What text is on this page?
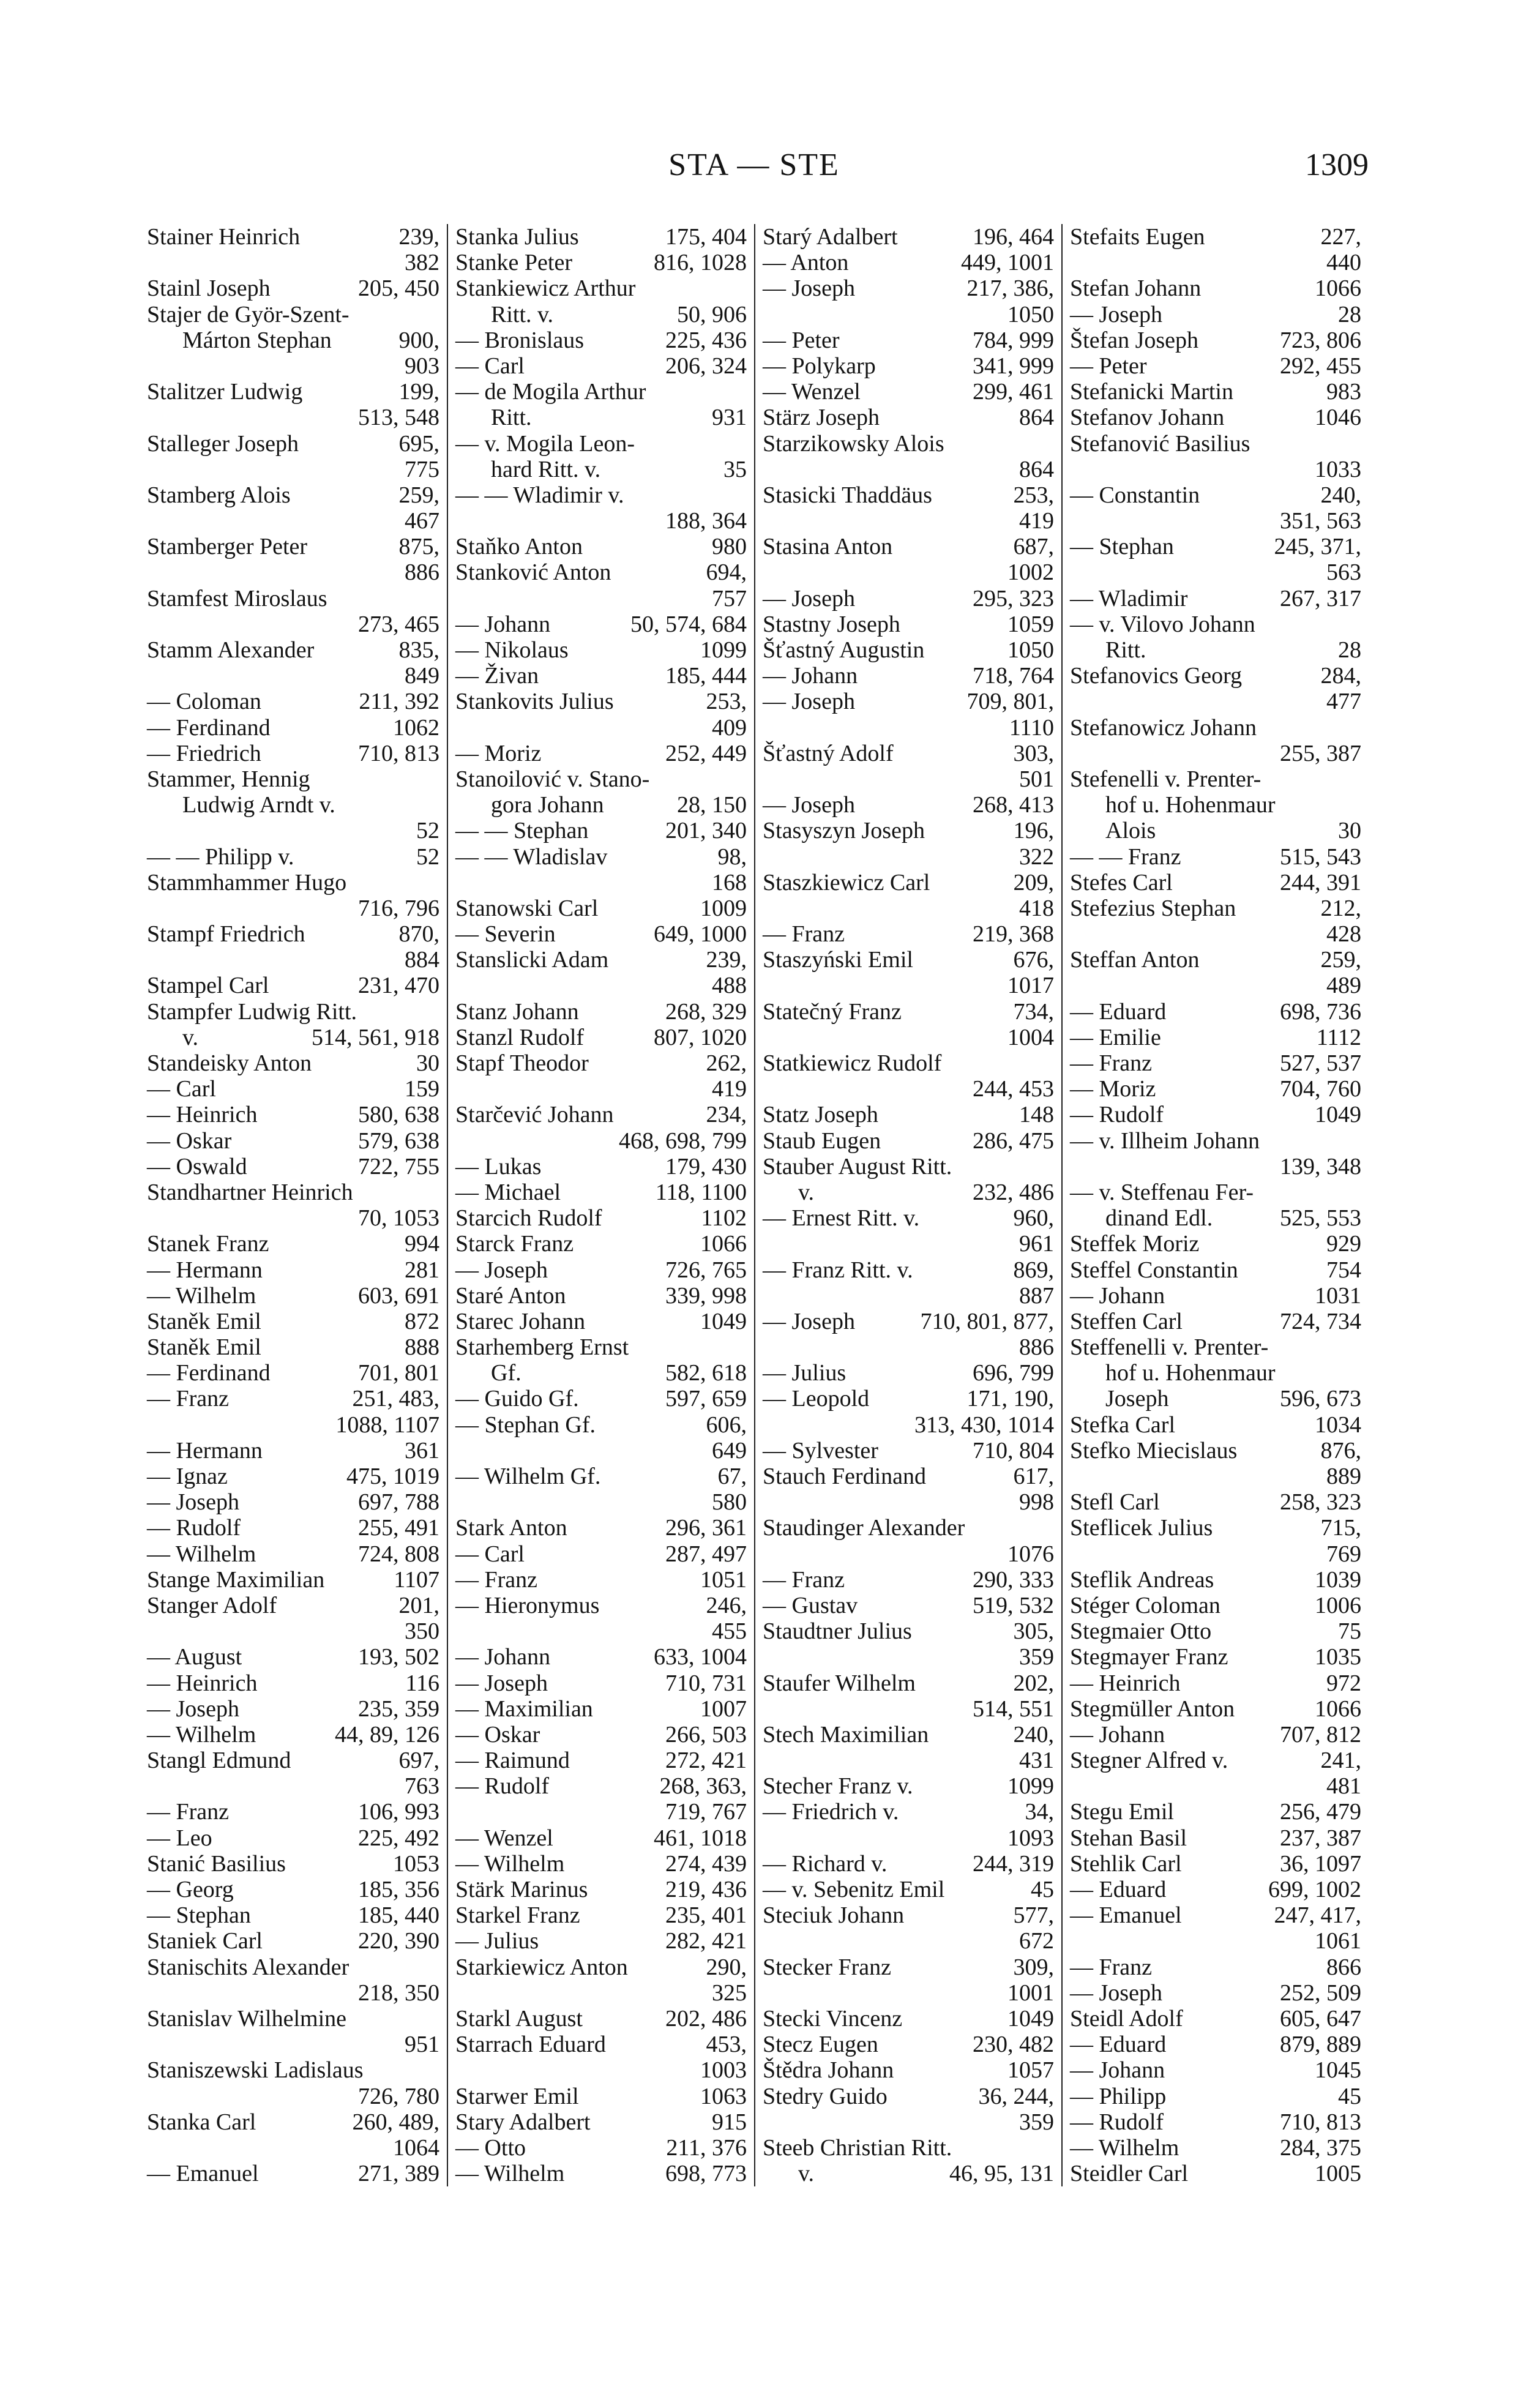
STA — STE	1309
Stainer Heinrich	239,
382
Stainl Joseph	205, 450
Stajer de Györ-Szent-
Márton Stephan	900,
903
Stalitzer Ludwig	199,
513, 548
Stalleger Joseph	695,
775
Stamberg Alois	259,
467
Stamberger Peter	875,
886
Stamfest Miroslaus
273, 465
Stamm Alexander	835,
849
— Coloman	211, 392
— Ferdinand	1062
— Friedrich	710, 813
Stammer, Hennig
Ludwig Arndt v.
52
— — Philipp v.	52
Stammhammer Hugo
716, 796
Stampf Friedrich	870,
884
Stampel Carl	231, 470
Stampfer Ludwig Ritt.
v.	514, 561, 918
Standeisky Anton	30
— Carl	159
— Heinrich	580, 638
— Oskar	579, 638
— Oswald	722, 755
Standhartner Heinrich
70, 1053
Stanek Franz	994
— Hermann	281
— Wilhelm	603, 691
Staněk Emil	872
Staněk Emil	888
— Ferdinand	701, 801
— Franz	251, 483,
1088, 1107
— Hermann	361
— Ignaz	475, 1019
— Joseph	697, 788
— Rudolf	255, 491
— Wilhelm	724, 808
Stange Maximilian	1107
Stanger Adolf	201,
350
— August	193, 502
— Heinrich	116
— Joseph	235, 359
— Wilhelm	44, 89, 126
Stangl Edmund	697,
763
— Franz	106, 993
— Leo	225, 492
Stanić Basilius	1053
— Georg	185, 356
— Stephan	185, 440
Staniek Carl	220, 390
Stanischits Alexander
218, 350
Stanislav Wilhelmine
951
Staniszewski Ladislaus
726, 780
Stanka Carl	260, 489,
1064
— Emanuel	271, 389
Stanka Julius	175, 404
Stanke Peter	816, 1028
Stankiewicz Arthur
Ritt. v.	50, 906
— Bronislaus	225, 436
— Carl	206, 324
— de Mogila Arthur
Ritt.	931
— v. Mogila Leon-
hard Ritt. v.	35
— — Wladimir v.
188, 364
Staňko Anton	980
Stanković Anton	694,
757
— Johann	50, 574, 684
— Nikolaus	1099
— Živan	185, 444
Stankovits Julius	253,
409
— Moriz	252, 449
Stanoilović v. Stano-
gora Johann	28, 150
— — Stephan	201, 340
— — Wladislav	98,
168
Stanowski Carl	1009
— Severin	649, 1000
Stanslicki Adam	239,
488
Stanz Johann	268, 329
Stanzl Rudolf	807, 1020
Stapf Theodor	262,
419
Starčević Johann	234,
468, 698, 799
— Lukas	179, 430
— Michael	118, 1100
Starcich Rudolf	1102
Starck Franz	1066
— Joseph	726, 765
Staré Anton	339, 998
Starec Johann	1049
Starhemberg Ernst
Gf.	582, 618
— Guido Gf.	597, 659
— Stephan Gf.	606,
649
— Wilhelm Gf.	67,
580
Stark Anton	296, 361
— Carl	287, 497
— Franz	1051
— Hieronymus	246,
455
— Johann	633, 1004
— Joseph	710, 731
— Maximilian	1007
— Oskar	266, 503
— Raimund	272, 421
— Rudolf	268, 363,
719, 767
— Wenzel	461, 1018
— Wilhelm	274, 439
Stärk Marinus	219, 436
Starkel Franz	235, 401
— Julius	282, 421
Starkiewicz Anton	290,
325
Starkl August	202, 486
Starrach Eduard	453,
1003
Starwer Emil	1063
Stary Adalbert	915
— Otto	211, 376
— Wilhelm	698, 773
Starý Adalbert	196, 464
— Anton	449, 1001
— Joseph	217, 386,
1050
— Peter	784, 999
— Polykarp	341, 999
— Wenzel	299, 461
Stärz Joseph	864
Starzikowsky Alois
864
Stasicki Thaddäus	253,
419
Stasina Anton	687,
1002
— Joseph	295, 323
Stastny Joseph	1059
Šťastný Augustin	1050
— Johann	718, 764
— Joseph	709, 801,
1110
Šťastný Adolf	303,
501
— Joseph	268, 413
Stasyszyn Joseph	196,
322
Staszkiewicz Carl	209,
418
— Franz	219, 368
Staszyński Emil	676,
1017
Statečný Franz	734,
1004
Statkiewicz Rudolf
244, 453
Statz Joseph	148
Staub Eugen	286, 475
Stauber August Ritt.
v.	232, 486
— Ernest Ritt. v.	960,
961
— Franz Ritt. v.	869,
887
— Joseph	710, 801, 877,
886
— Julius	696, 799
— Leopold	171, 190,
313, 430, 1014
— Sylvester	710, 804
Stauch Ferdinand	617,
998
Staudinger Alexander
1076
— Franz	290, 333
— Gustav	519, 532
Staudtner Julius	305,
359
Staufer Wilhelm	202,
514, 551
Stech Maximilian	240,
431
Stecher Franz v.	1099
— Friedrich v.	34,
1093
— Richard v.	244, 319
— v. Sebenitz Emil	45
Steciuk Johann	577,
672
Stecker Franz	309,
1001
Stecki Vincenz	1049
Stecz Eugen	230, 482
Štědra Johann	1057
Stedry Guido	36, 244,
359
Steeb Christian Ritt.
v.	46, 95, 131
Stefaits Eugen	227,
440
Stefan Johann	1066
— Joseph	28
Štefan Joseph	723, 806
— Peter	292, 455
Stefanicki Martin	983
Stefanov Johann	1046
Stefanović Basilius
1033
— Constantin	240,
351, 563
— Stephan	245, 371,
563
— Wladimir	267, 317
— v. Vilovo Johann
Ritt.	28
Stefanovics Georg	284,
477
Stefanowicz Johann
255, 387
Stefenelli v. Prenter-
hof u. Hohenmaur
Alois	30
— — Franz	515, 543
Stefes Carl	244, 391
Stefezius Stephan	212,
428
Steffan Anton	259,
489
— Eduard	698, 736
— Emilie	1112
— Franz	527, 537
— Moriz	704, 760
— Rudolf	1049
— v. Illheim Johann
139, 348
— v. Steffenau Fer-
dinand Edl.	525, 553
Steffek Moriz	929
Steffel Constantin	754
— Johann	1031
Steffen Carl	724, 734
Steffenelli v. Prenter-
hof u. Hohenmaur
Joseph	596, 673
Stefka Carl	1034
Stefko Miecislaus	876,
889
Stefl Carl	258, 323
Steflicek Julius	715,
769
Steflik Andreas	1039
Stéger Coloman	1006
Stegmaier Otto	75
Stegmayer Franz	1035
— Heinrich	972
Stegmüller Anton	1066
— Johann	707, 812
Stegner Alfred v.	241,
481
Stegu Emil	256, 479
Stehan Basil	237, 387
Stehlik Carl	36, 1097
— Eduard	699, 1002
— Emanuel	247, 417,
1061
— Franz	866
— Joseph	252, 509
Steidl Adolf	605, 647
— Eduard	879, 889
— Johann	1045
— Philipp	45
— Rudolf	710, 813
— Wilhelm	284, 375
Steidler Carl	1005
